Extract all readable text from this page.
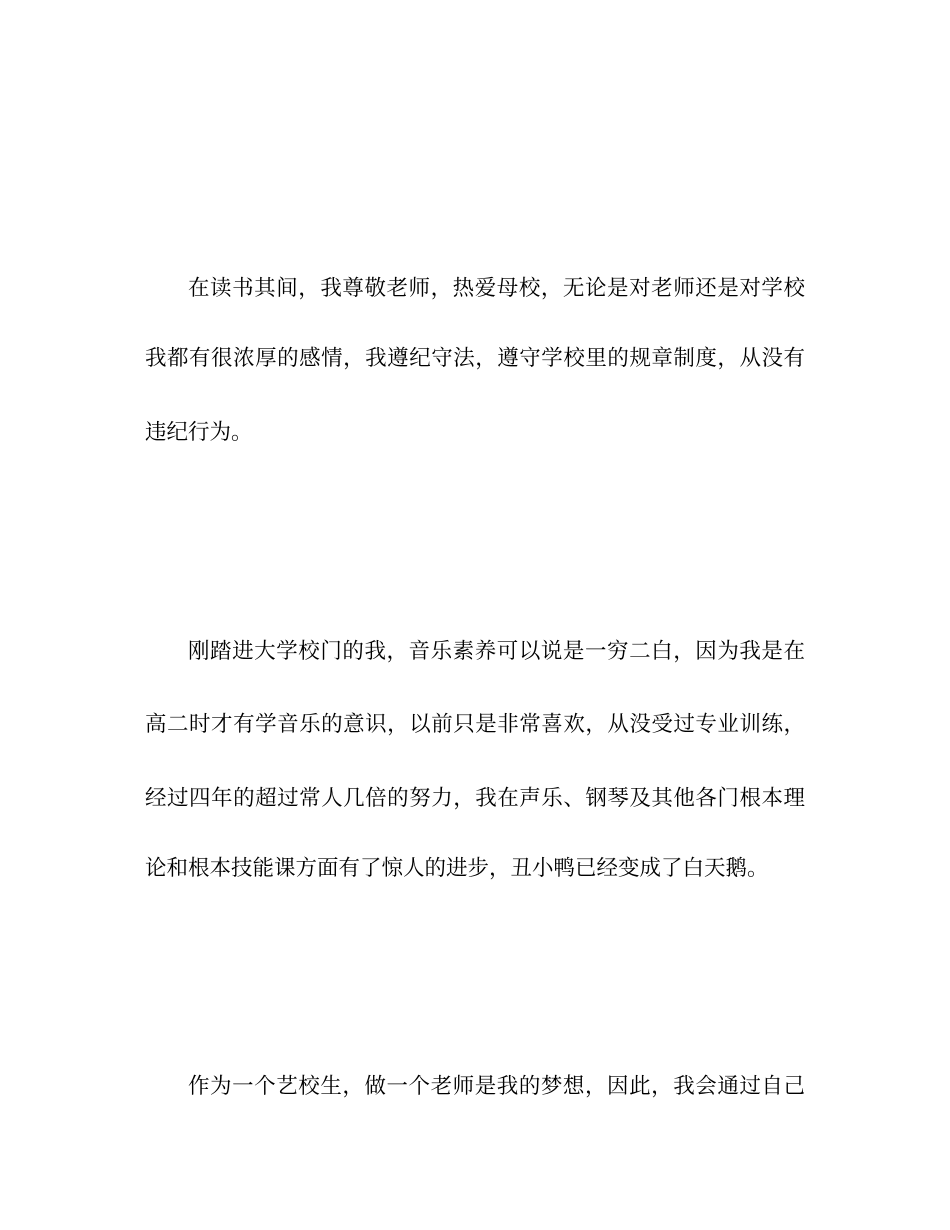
在读书其间，我尊敬老师，热爱母校，无论是对老师还是对学校
我都有很浓厚的感情，我遵纪守法，遵守学校里的规章制度，从没有
违纪行为。
刚踏进大学校门的我，音乐素养可以说是一穷二白，因为我是在
高二时才有学音乐的意识，以前只是非常喜欢，从没受过专业训练，
经过四年的超过常人几倍的努力，我在声乐、钢琴及其他各门根本理
论和根本技能课方面有了惊人的进步，丑小鸭已经变成了白天鹅。
作为一个艺校生，做一个老师是我的梦想，因此，我会通过自己
